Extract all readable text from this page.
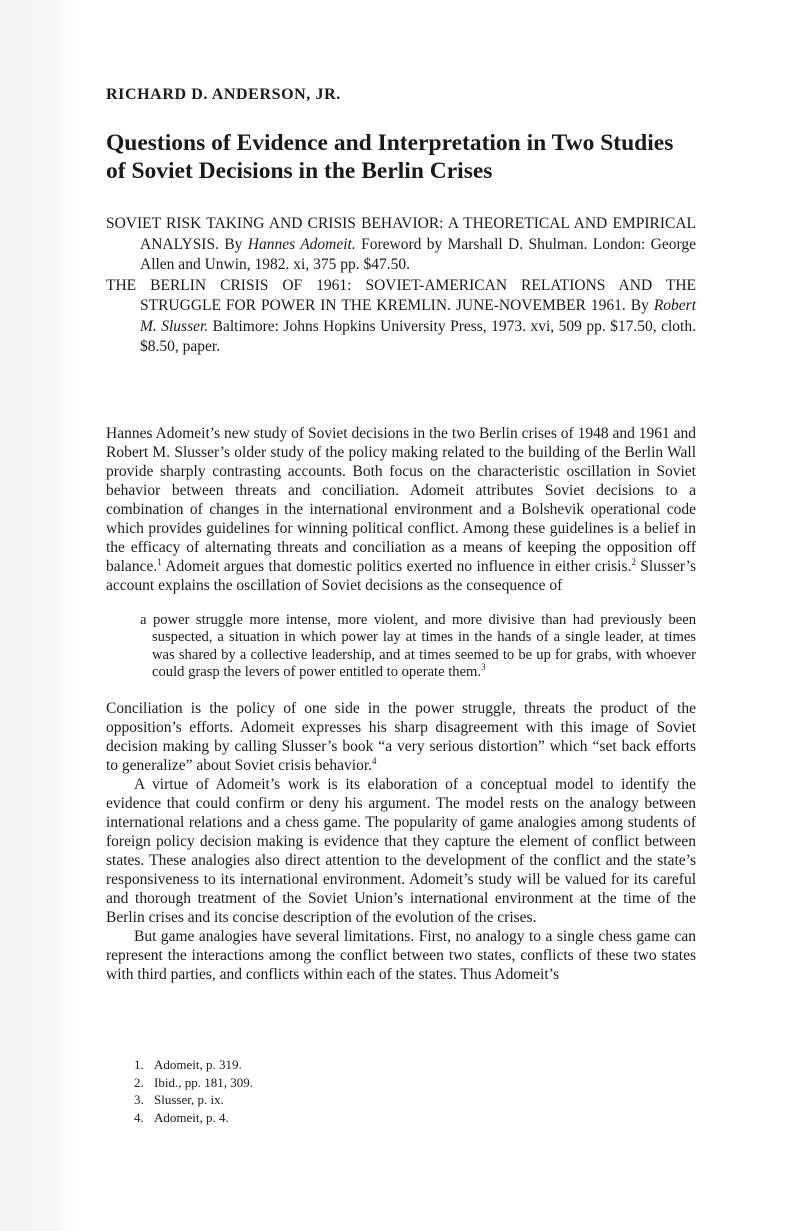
RICHARD D. ANDERSON, JR.

Questions of Evidence and Interpretation in Two Studies of Soviet Decisions in the Berlin Crises

SOVIET RISK TAKING AND CRISIS BEHAVIOR: A THEORETICAL AND EMPIRICAL ANALYSIS. By Hannes Adomeit. Foreword by Marshall D. Shulman. London: George Allen and Unwin, 1982. xi, 375 pp. $47.50.

THE BERLIN CRISIS OF 1961: SOVIET-AMERICAN RELATIONS AND THE STRUGGLE FOR POWER IN THE KREMLIN. JUNE-NOVEMBER 1961. By Robert M. Slusser. Baltimore: Johns Hopkins University Press, 1973. xvi, 509 pp. $17.50, cloth. $8.50, paper.

Hannes Adomeit’s new study of Soviet decisions in the two Berlin crises of 1948 and 1961 and Robert M. Slusser’s older study of the policy making related to the building of the Berlin Wall provide sharply contrasting accounts. Both focus on the characteristic oscillation in Soviet behavior between threats and conciliation. Adomeit attributes Soviet decisions to a combination of changes in the international environment and a Bolshevik operational code which provides guidelines for winning political conflict. Among these guidelines is a belief in the efficacy of alternating threats and conciliation as a means of keeping the opposition off balance.$^1$ Adomeit argues that domestic politics exerted no influence in either crisis.$^2$ Slusser’s account explains the oscillation of Soviet decisions as the consequence of

a power struggle more intense, more violent, and more divisive than had previously been suspected, a situation in which power lay at times in the hands of a single leader, at times was shared by a collective leadership, and at times seemed to be up for grabs, with whoever could grasp the levers of power entitled to operate them.$^3$

Conciliation is the policy of one side in the power struggle, threats the product of the opposition’s efforts. Adomeit expresses his sharp disagreement with this image of Soviet decision making by calling Slusser’s book “a very serious distortion” which “set back efforts to generalize” about Soviet crisis behavior.$^4$

A virtue of Adomeit’s work is its elaboration of a conceptual model to identify the evidence that could confirm or deny his argument. The model rests on the analogy between international relations and a chess game. The popularity of game analogies among students of foreign policy decision making is evidence that they capture the element of conflict between states. These analogies also direct attention to the development of the conflict and the state’s responsiveness to its international environment. Adomeit’s study will be valued for its careful and thorough treatment of the Soviet Union’s international environment at the time of the Berlin crises and its concise description of the evolution of the crises.

But game analogies have several limitations. First, no analogy to a single chess game can represent the interactions among the conflict between two states, conflicts of these two states with third parties, and conflicts within each of the states. Thus Adomeit’s

1. Adomeit, p. 319.
2. Ibid., pp. 181, 309.
3. Slusser, p. ix.
4. Adomeit, p. 4.
